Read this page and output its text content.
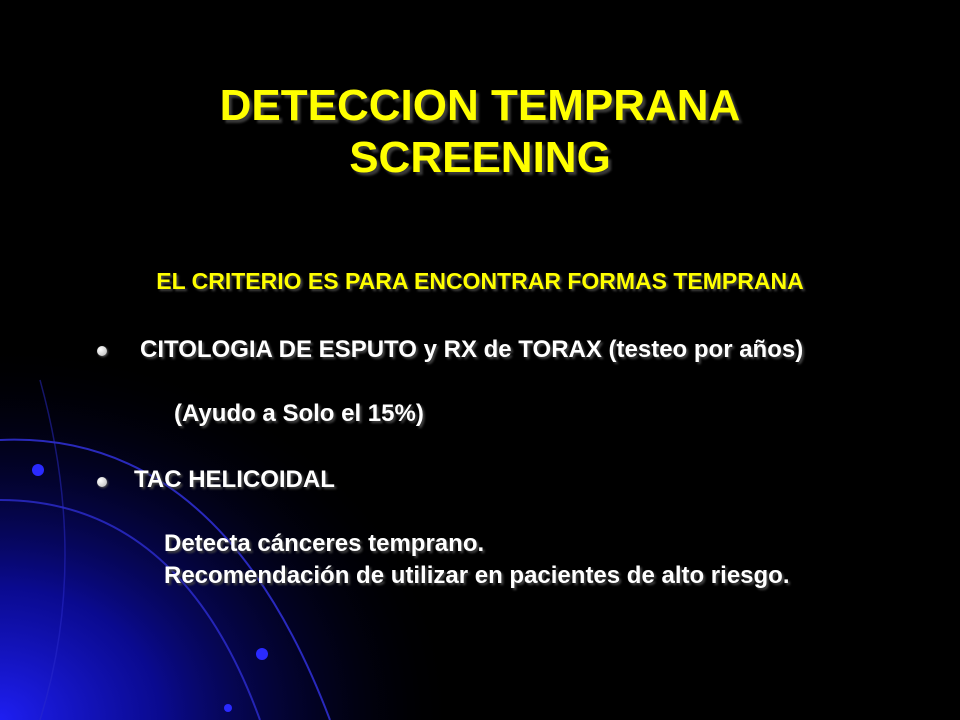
DETECCION TEMPRANA
SCREENING
EL CRITERIO ES PARA ENCONTRAR FORMAS TEMPRANA
CITOLOGIA DE ESPUTO y RX de TORAX (testeo por años)
(Ayudo a Solo el 15%)
TAC HELICOIDAL
Detecta cánceres temprano.
Recomendación de utilizar en pacientes de alto riesgo.
